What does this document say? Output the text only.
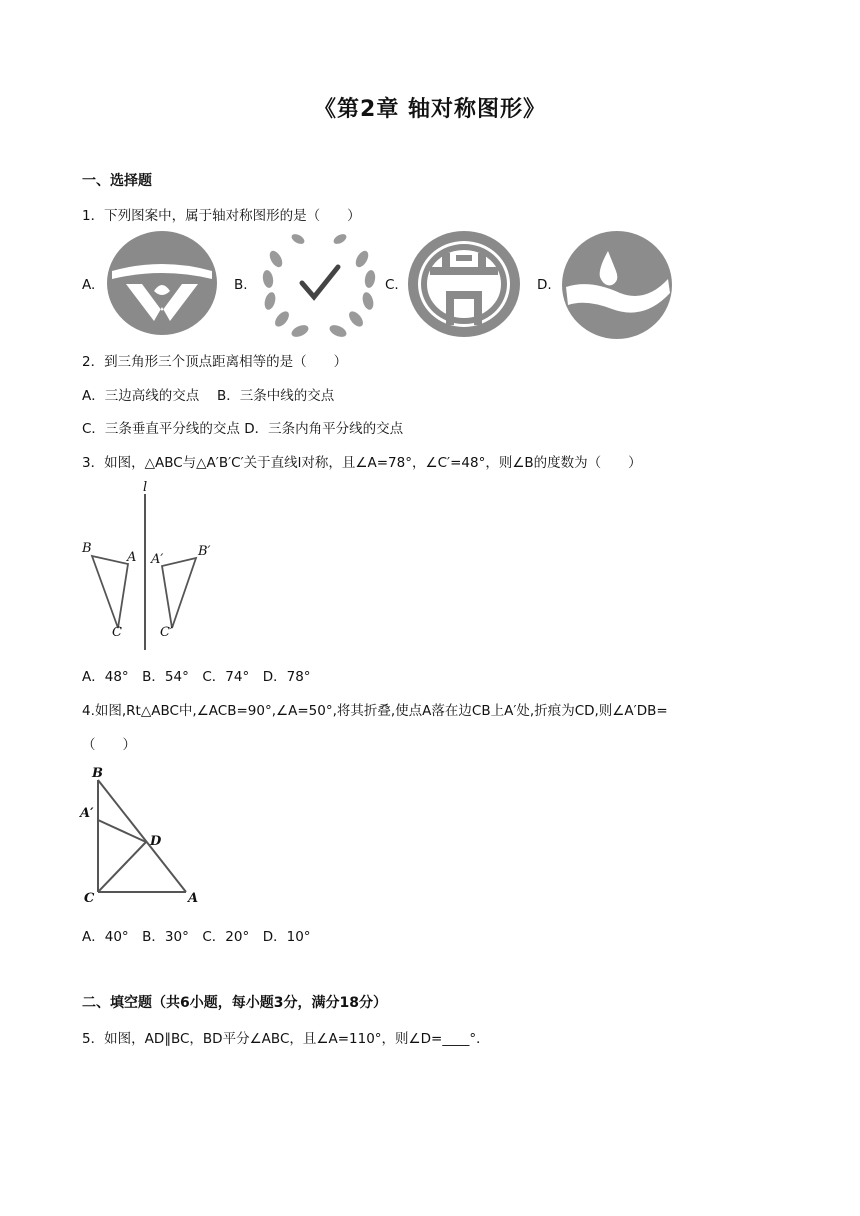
《第2章 轴对称图形》
一、选择题
1．下列图案中，属于轴对称图形的是（　　）
A.	B.	C.	D.
2．到三角形三个顶点距离相等的是（　　）
A．三边高线的交点　 B．三条中线的交点
C．三条垂直平分线的交点 D．三条内角平分线的交点
3．如图，△ABC与△A′B′C′关于直线l对称，且∠A=78°，∠C′=48°，则∠B的度数为（　　）
l
B
A
C
A′
B′
C′
A．48°　B．54°　C．74°　D．78°
4.如图,Rt△ABC中,∠ACB=90°,∠A=50°,将其折叠,使点A落在边CB上A′处,折痕为CD,则∠A′DB=
（　　）
B
A′
D
C	A
A．40°　B．30°　C．20°　D．10°
二、填空题（共6小题，每小题3分，满分18分）
5．如图，AD∥BC，BD平分∠ABC，且∠A=110°，则∠D=____°．
